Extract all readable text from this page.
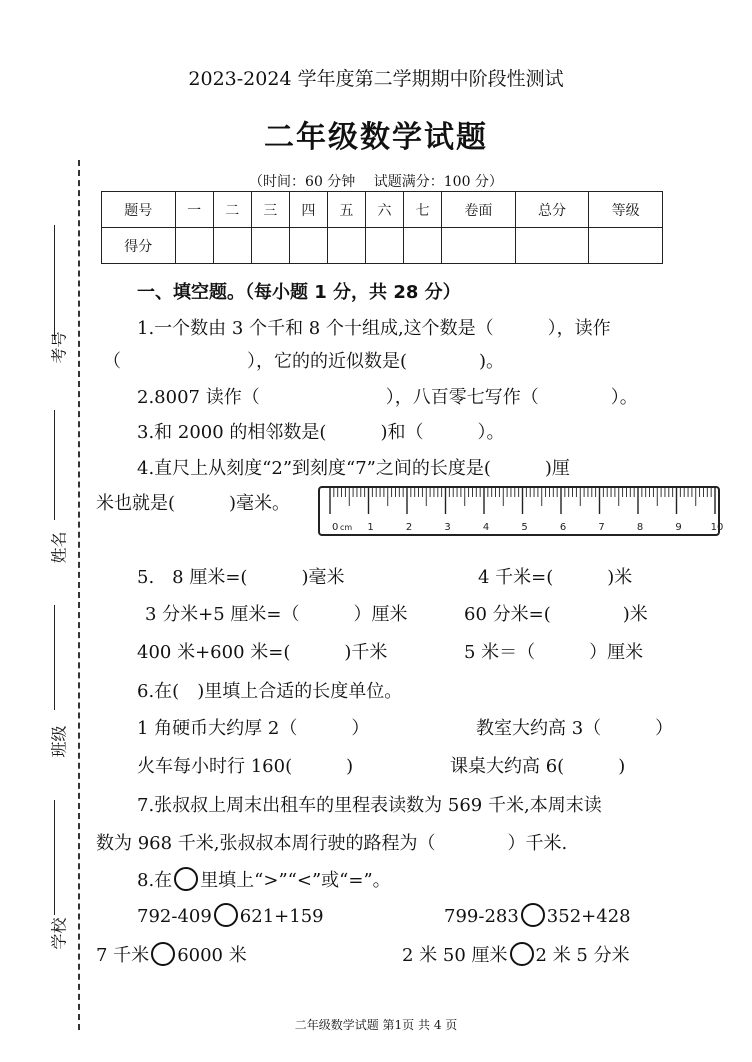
2023-2024 学年度第二学期期中阶段性测试
二年级数学试题
（时间：60 分钟　 试题满分：100 分）
考号
姓名
班级
学校
题号	一	二	三	四	五	六	七	卷面	总分	等级
得分										
一、填空题。（每小题 1 分，共 28 分）
1.一个数由 3 个千和 8 个十组成,这个数是（　　　），读作
（　　　　　　　），它的的近似数是(　　　　)。
2.8007 读作（　　　　　　　），八百零七写作（　　　　）。
3.和 2000 的相邻数是(　　　)和（　　　）。
4.直尺上从刻度“2”到刻度“7”之间的长度是(　　　)厘
米也就是(　　　)毫米。
0	1	2	3	4	5	6	7	8	9	10
cm
5.　8 厘米=(　　　)毫米	4 千米=(　　　)米
3 分米+5 厘米=（　　　）厘米	60 分米=(　　　　)米
400 米+600 米=(　　　)千米	5 米＝（　　　）厘米
6.在(　)里填上合适的长度单位。
1 角硬币大约厚 2（　　　）	教室大约高 3（　　　）
火车每小时行 160(　　　)	课桌大约高 6(　　　)
7.张叔叔上周末出租车的里程表读数为 569 千米,本周末读
数为 968 千米,张叔叔本周行驶的路程为（　　　　）千米.
8.在 里填上“>”“<”或“=”。
792-409 621+159	799-283 352+428
7 千米 6000 米	2 米 50 厘米 2 米 5 分米
二年级数学试题 第1页 共 4 页
